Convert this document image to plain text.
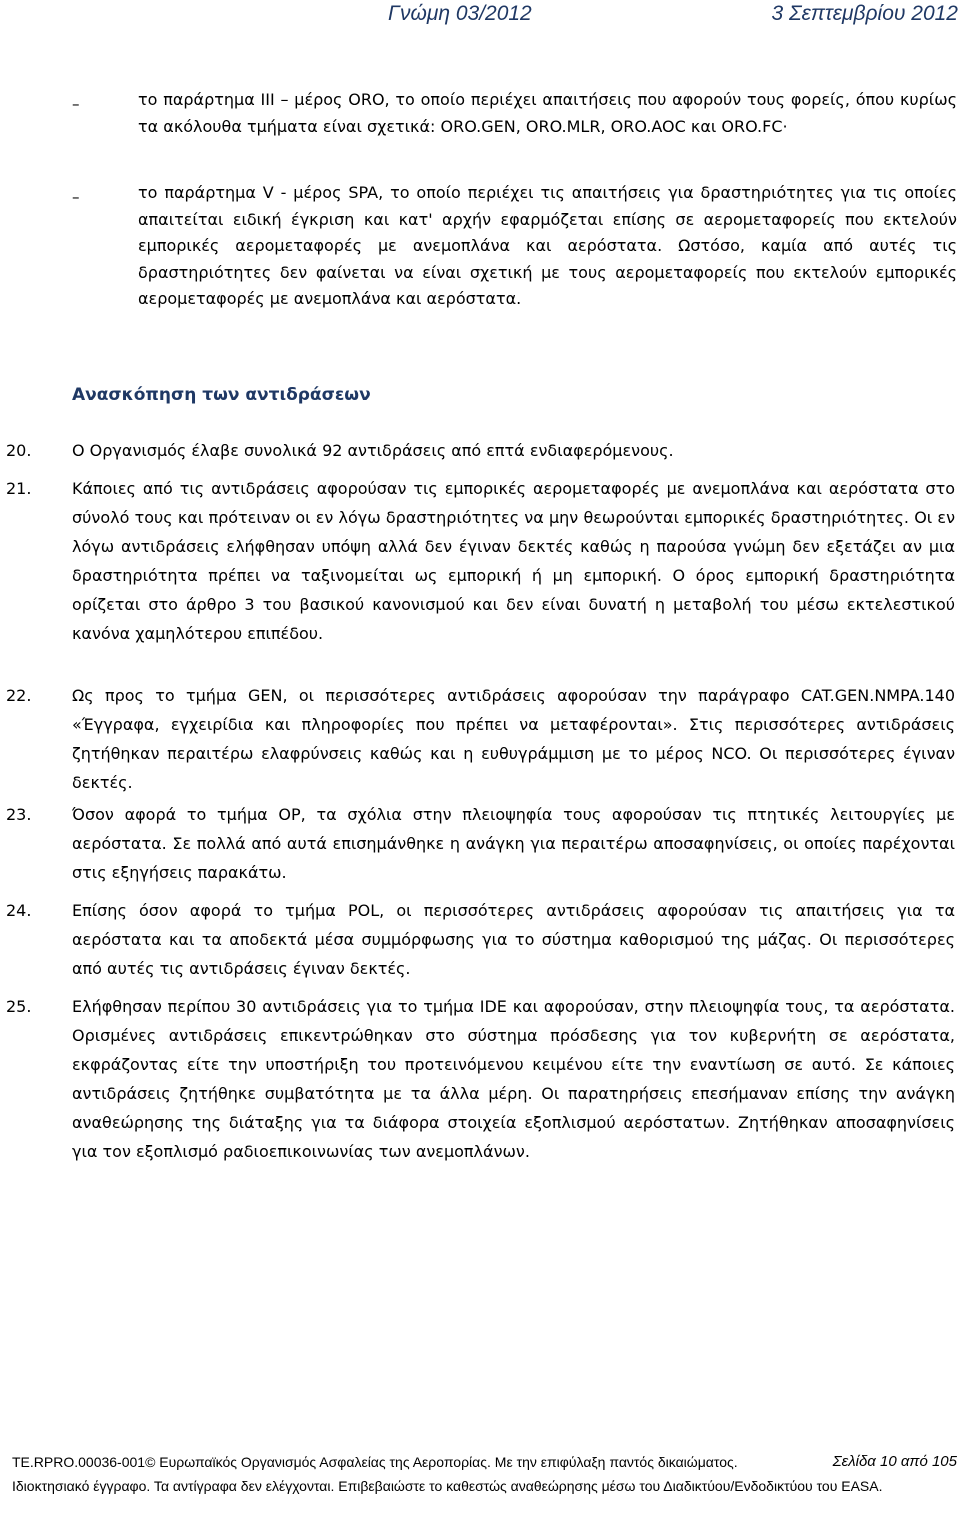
Γνώμη 03/2012	3 Σεπτεμβρίου 2012
–	το παράρτημα III – μέρος ORO, το οποίο περιέχει απαιτήσεις που αφορούν τους φορείς, όπου κυρίως τα ακόλουθα τμήματα είναι σχετικά: ORO.GEN, ORO.MLR, ORO.AOC και ORO.FC·
–	το παράρτημα V - μέρος SPA, το οποίο περιέχει τις απαιτήσεις για δραστηριότητες για τις οποίες απαιτείται ειδική έγκριση και κατ' αρχήν εφαρμόζεται επίσης σε αερομεταφορείς που εκτελούν εμπορικές αερομεταφορές με ανεμοπλάνα και αερόστατα. Ωστόσο, καμία από αυτές τις δραστηριότητες δεν φαίνεται να είναι σχετική με τους αερομεταφορείς που εκτελούν εμπορικές αερομεταφορές με ανεμοπλάνα και αερόστατα.
Ανασκόπηση των αντιδράσεων
20.	Ο Οργανισμός έλαβε συνολικά 92 αντιδράσεις από επτά ενδιαφερόμενους.
21.	Κάποιες από τις αντιδράσεις αφορούσαν τις εμπορικές αερομεταφορές με ανεμοπλάνα και αερόστατα στο σύνολό τους και πρότειναν οι εν λόγω δραστηριότητες να μην θεωρούνται εμπορικές δραστηριότητες. Οι εν λόγω αντιδράσεις ελήφθησαν υπόψη αλλά δεν έγιναν δεκτές καθώς η παρούσα γνώμη δεν εξετάζει αν μια δραστηριότητα πρέπει να ταξινομείται ως εμπορική ή μη εμπορική. Ο όρος εμπορική δραστηριότητα ορίζεται στο άρθρο 3 του βασικού κανονισμού και δεν είναι δυνατή η μεταβολή του μέσω εκτελεστικού κανόνα χαμηλότερου επιπέδου.
22.	Ως προς το τμήμα GEN, οι περισσότερες αντιδράσεις αφορούσαν την παράγραφο CAT.GEN.NMPA.140 «Έγγραφα, εγχειρίδια και πληροφορίες που πρέπει να μεταφέρονται». Στις περισσότερες αντιδράσεις ζητήθηκαν περαιτέρω ελαφρύνσεις καθώς και η ευθυγράμμιση με το μέρος NCO. Οι περισσότερες έγιναν δεκτές.
23.	Όσον αφορά το τμήμα OP, τα σχόλια στην πλειοψηφία τους αφορούσαν τις πτητικές λειτουργίες με αερόστατα. Σε πολλά από αυτά επισημάνθηκε η ανάγκη για περαιτέρω αποσαφηνίσεις, οι οποίες παρέχονται στις εξηγήσεις παρακάτω.
24.	Επίσης όσον αφορά το τμήμα POL, οι περισσότερες αντιδράσεις αφορούσαν τις απαιτήσεις για τα αερόστατα και τα αποδεκτά μέσα συμμόρφωσης για το σύστημα καθορισμού της μάζας. Οι περισσότερες από αυτές τις αντιδράσεις έγιναν δεκτές.
25.	Ελήφθησαν περίπου 30 αντιδράσεις για το τμήμα IDE και αφορούσαν, στην πλειοψηφία τους, τα αερόστατα. Ορισμένες αντιδράσεις επικεντρώθηκαν στο σύστημα πρόσδεσης για τον κυβερνήτη σε αερόστατα, εκφράζοντας είτε την υποστήριξη του προτεινόμενου κειμένου είτε την εναντίωση σε αυτό. Σε κάποιες αντιδράσεις ζητήθηκε συμβατότητα με τα άλλα μέρη. Οι παρατηρήσεις επεσήμαναν επίσης την ανάγκη αναθεώρησης της διάταξης για τα διάφορα στοιχεία εξοπλισμού αερόστατων. Ζητήθηκαν αποσαφηνίσεις για τον εξοπλισμό ραδιοεπικοινωνίας των ανεμοπλάνων.
TE.RPRO.00036-001© Ευρωπαϊκός Οργανισμός Ασφαλείας της Αεροπορίας. Με την επιφύλαξη παντός δικαιώματος.	Σελίδα 10 από 105
Ιδιοκτησιακό έγγραφο. Τα αντίγραφα δεν ελέγχονται. Επιβεβαιώστε το καθεστώς αναθεώρησης μέσω του Διαδικτύου/Ενδοδικτύου του EASA.
